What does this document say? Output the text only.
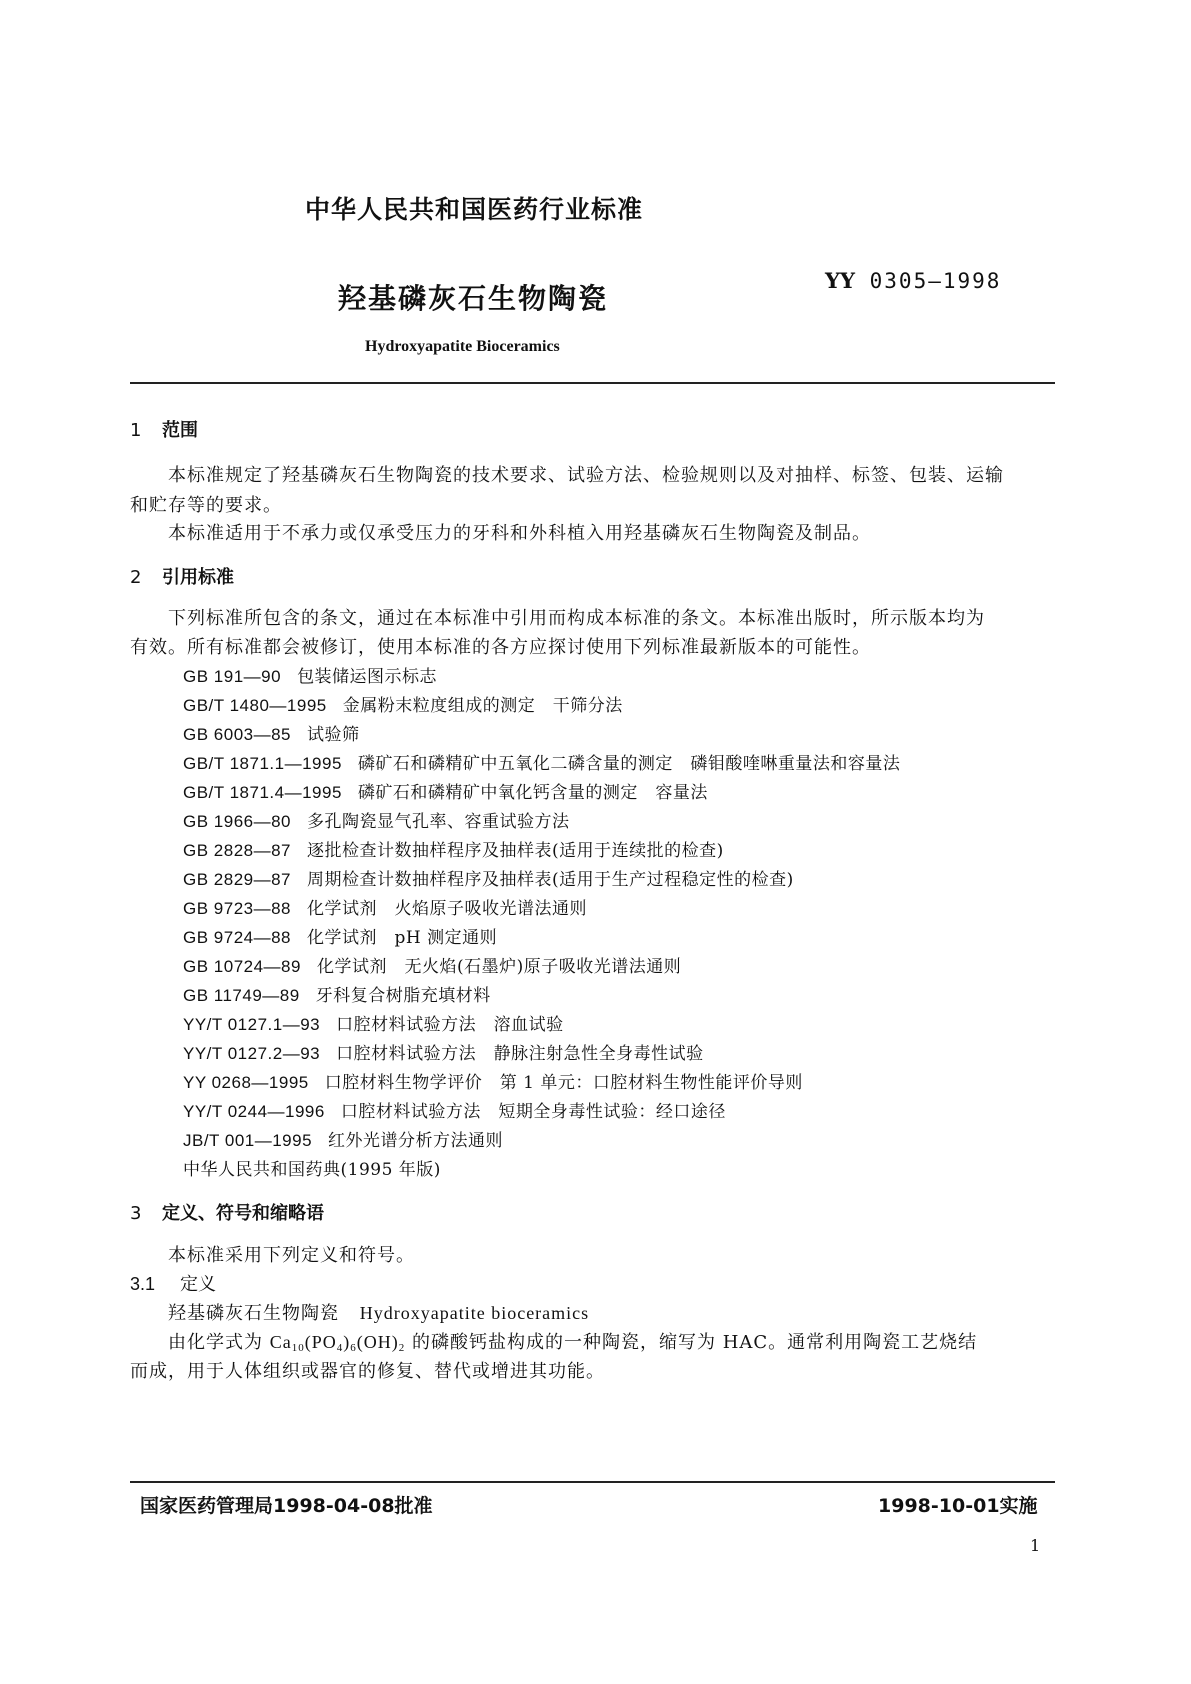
中华人民共和国医药行业标准
羟基磷灰石生物陶瓷
YY 0305—1998
Hydroxyapatite Bioceramics
1 范围
本标准规定了羟基磷灰石生物陶瓷的技术要求、试验方法、检验规则以及对抽样、标签、包装、运输
和贮存等的要求。
本标准适用于不承力或仅承受压力的牙科和外科植入用羟基磷灰石生物陶瓷及制品。
2 引用标准
下列标准所包含的条文，通过在本标准中引用而构成本标准的条文。本标准出版时，所示版本均为
有效。所有标准都会被修订，使用本标准的各方应探讨使用下列标准最新版本的可能性。
GB 191—90 包装储运图示标志
GB/T 1480—1995 金属粉末粒度组成的测定　干筛分法
GB 6003—85 试验筛
GB/T 1871.1—1995 磷矿石和磷精矿中五氧化二磷含量的测定　磷钼酸喹啉重量法和容量法
GB/T 1871.4—1995 磷矿石和磷精矿中氧化钙含量的测定　容量法
GB 1966—80 多孔陶瓷显气孔率、容重试验方法
GB 2828—87 逐批检查计数抽样程序及抽样表(适用于连续批的检查)
GB 2829—87 周期检查计数抽样程序及抽样表(适用于生产过程稳定性的检查)
GB 9723—88 化学试剂　火焰原子吸收光谱法通则
GB 9724—88 化学试剂　pH 测定通则
GB 10724—89 化学试剂　无火焰(石墨炉)原子吸收光谱法通则
GB 11749—89 牙科复合树脂充填材料
YY/T 0127.1—93 口腔材料试验方法　溶血试验
YY/T 0127.2—93 口腔材料试验方法　静脉注射急性全身毒性试验
YY 0268—1995 口腔材料生物学评价　第 1 单元：口腔材料生物性能评价导则
YY/T 0244—1996 口腔材料试验方法　短期全身毒性试验：经口途径
JB/T 001—1995 红外光谱分析方法通则
中华人民共和国药典(1995 年版)
3 定义、符号和缩略语
本标准采用下列定义和符号。
3.1 定义
羟基磷灰石生物陶瓷 Hydroxyapatite bioceramics
由化学式为 $Ca_{10}(PO_4)_6(OH)_2$ 的磷酸钙盐构成的一种陶瓷，缩写为 HAC。通常利用陶瓷工艺烧结
而成，用于人体组织或器官的修复、替代或增进其功能。
国家医药管理局1998-04-08批准	1998-10-01实施
1
